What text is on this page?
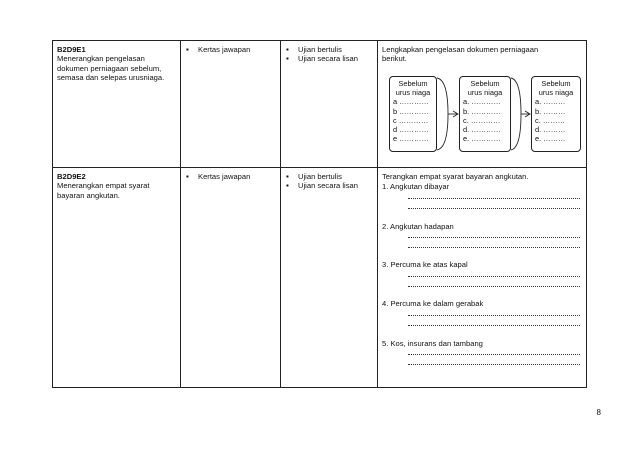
B2D9E1
Menerangkan pengelasan
dokumen perniagaan sebelum,
semasa dan selepas urusniaga.
▪ Kertas jawapan	▪ Ujian bertulis
▪ Ujian secara lisan
Lengkapkan pengelasan dokumen perniagaan
berikut.
Sebelum
urus niaga
a …………
b …………
c …………
d …………
e …………
Sebelum
urus niaga
a. …………
b. …………
c. …………
d. …………
e. …………
Sebelum
urus niaga
a. ………
b. ………
c. ………
d. ………
e. ………
B2D9E2
Menerangkan empat syarat
bayaran angkutan.
▪ Kertas jawapan	▪ Ujian bertulis
▪ Ujian secara lisan
Terangkan empat syarat bayaran angkutan.
1. Angkutan dibayar
2. Angkutan hadapan
3. Percuma ke atas kapal
4. Percuma ke dalam gerabak
5. Kos, insurans dan tambang
8
